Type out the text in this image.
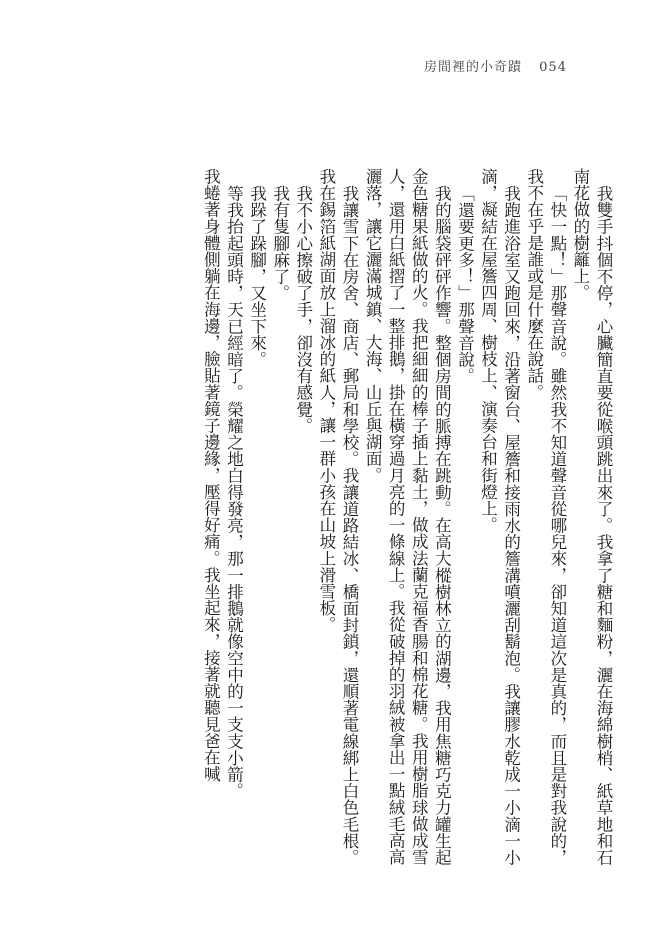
房間裡的小奇蹟 054

我雙手抖個不停，心臟簡直要從喉頭跳出來了。我拿了糖和麵粉，灑在海綿樹梢、紙草地和石南花做的樹籬上。

「快一點！」那聲音說。雖然我不知道聲音從哪兒來，卻知道這次是真的，而且是對我說的，我不在乎是誰或是什麼在說話。

我跑進浴室又跑回來，沿著窗台、屋簷和接雨水的簷溝噴灑刮鬍泡。我讓膠水乾成一小滴一小滴，凝結在屋簷四周、樹枝上、演奏台和街燈上。

「還要更多！」那聲音說。

我的腦袋砰砰作響。整個房間的脈搏在跳動。在高大樅樹林立的湖邊，我用焦糖巧克力罐生起金色糖果紙做的火。我把細細的棒子插上黏土，做成法蘭克福香腸和棉花糖。我用樹脂球做成雪人，還用白紙摺了一整排鵝，掛在橫穿過月亮的一條線上。我從破掉的羽絨被拿出一點絨毛高高灑落，讓它灑滿城鎮、大海、山丘與湖面。

我讓雪下在房舍、商店、郵局和學校。我讓道路結冰、橋面封鎖，還順著電線綁上白色毛根。我在錫箔紙湖面放上溜冰的紙人，讓一群小孩在山坡上滑雪板。

我不小心擦破了手，卻沒有感覺。

我有隻腳麻了。

我跺了跺腳，又坐下來。

等我抬起頭時，天已經暗了。榮耀之地白得發亮，那一排鵝就像空中的一支支小箭。

我蜷著身體側躺在海邊，臉貼著鏡子邊緣，壓得好痛。我坐起來，接著就聽見爸在喊
